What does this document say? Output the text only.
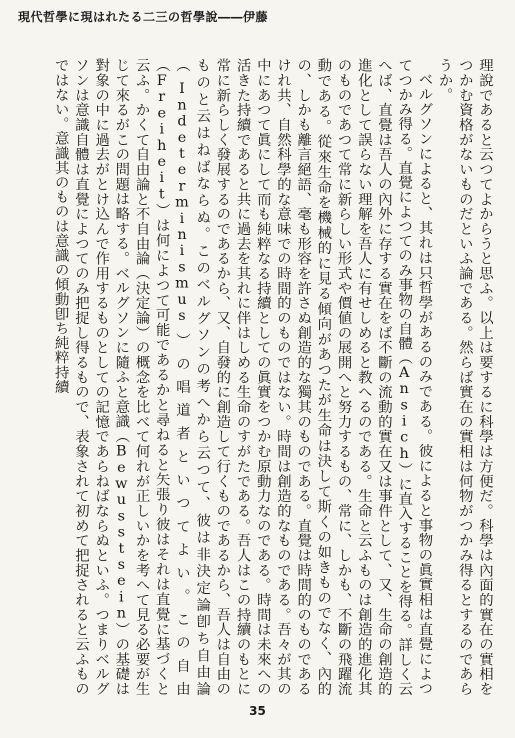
現代哲學に現はれたる二三の哲學說――伊藤

理說であると云つてよからうと思ふ。以上は要するに科學は方便だ。科學は內面的實在の實相をつかむ資格がないものだといふ論である。然らば實在の實相は何物がつかみ得るとするのであらうか。

ベルグソンによると、其れは只哲學があるのみである。彼によると事物の眞實相は直覺によつてつかみ得る。直覺によつてのみ事物の自體（Ansich）に直入することを得る。詳しく云へば、直覺は吾人の內外に存する實在をば不斷の流動的實在又は事件として、又、生命の創造的進化として誤らない理解を吾人に有せしめると教へるのである。生命と云ふものは創造的進化其のものであつて常に新らしい形式や價値の展開へと努力するもの、常に、しかも、不斷の飛躍流動である。從來生命を機械的に見る傾向があつたが生命は決して斯くの如きものでなく、內的の、しかも離言絕語、毫も形容を許さぬ創造的な獨其のものである。直覺は時間的のものであるけれ共、自然科學的な意味での時間的のものではない。時間は創造的なものである。吾々が其の中にあつて眞にして而も純粹なる持續としての眞實をつかむ原動力なのである。時間は未來への活きた持續であると共に過去を其れに伴はしめる生命のすがたである。吾人はこの持續のもとに常に新らしく發展するのであるから、又、自發的に創造して行くものであるから、吾人は自由のものと云はねばならぬ。このベルグソンの考へから云つて、彼は非決定論卽ち自由論（Indeterminismus）の唱道者といつてよい。この自由（Freiheit）は何によつて可能であるかと尋ねると矢張り彼はそれは直覺に基づくと云ふ。かくて自由論と不自由論（決定論）の概念を比べて何れが正しいかを考へて見る必要が生じて來るがこの問題は略する。ベルグソンに隨ふと意識（Bewusstsein）の基礎は對象の中に過去がとけ込んで作用するものとしての記憶であらねばならぬといふ。つまりベルグソンは意識自體は直覺によつてのみ把捉し得るもので、表象されて初めて把捉されると云ふものではない。意識其のものは意識の傾動卽ち純粹持續

35
